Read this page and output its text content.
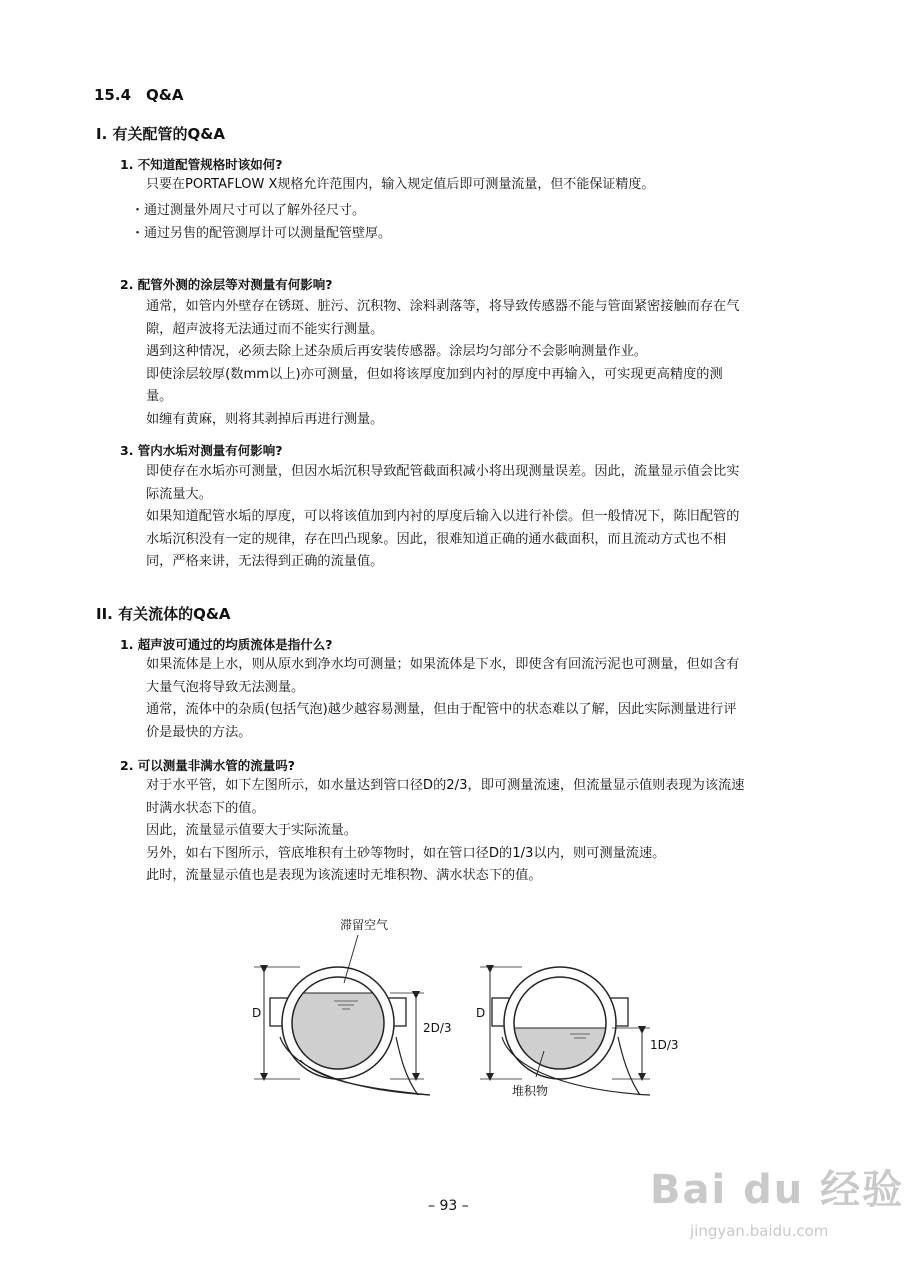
15.4　Q&A
I. 有关配管的Q&A
1. 不知道配管规格时该如何?
只要在PORTAFLOW X规格允许范围内，输入规定值后即可测量流量，但不能保证精度。
・通过测量外周尺寸可以了解外径尺寸。
・通过另售的配管测厚计可以测量配管壁厚。
2. 配管外测的涂层等对测量有何影响?
通常，如管内外壁存在锈斑、脏污、沉积物、涂料剥落等，将导致传感器不能与管面紧密接触而存在气
隙，超声波将无法通过而不能实行测量。
遇到这种情况，必须去除上述杂质后再安装传感器。涂层均匀部分不会影响测量作业。
即使涂层较厚(数mm以上)亦可测量，但如将该厚度加到内衬的厚度中再输入，可实现更高精度的测
量。
如缠有黄麻，则将其剥掉后再进行测量。
3. 管内水垢对测量有何影响?
即使存在水垢亦可测量，但因水垢沉积导致配管截面积减小将出现测量误差。因此，流量显示值会比实
际流量大。
如果知道配管水垢的厚度，可以将该值加到内衬的厚度后输入以进行补偿。但一般情况下，陈旧配管的
水垢沉积没有一定的规律，存在凹凸现象。因此，很难知道正确的通水截面积，而且流动方式也不相
同，严格来讲，无法得到正确的流量值。
II. 有关流体的Q&A
1. 超声波可通过的均质流体是指什么?
如果流体是上水，则从原水到净水均可测量；如果流体是下水，即使含有回流污泥也可测量，但如含有
大量气泡将导致无法测量。
通常，流体中的杂质(包括气泡)越少越容易测量，但由于配管中的状态难以了解，因此实际测量进行评
价是最快的方法。
2. 可以测量非满水管的流量吗?
对于水平管，如下左图所示，如水量达到管口径D的2/3，即可测量流速，但流量显示值则表现为该流速
时满水状态下的值。
因此，流量显示值要大于实际流量。
另外，如右下图所示，管底堆积有土砂等物时，如在管口径D的1/3以内，则可测量流速。
此时，流量显示值也是表现为该流速时无堆积物、满水状态下的值。
D
2D/3
滞留空气
D
1D/3
堆积物
– 93 –	Bai du 经验
jingyan.baidu.com
